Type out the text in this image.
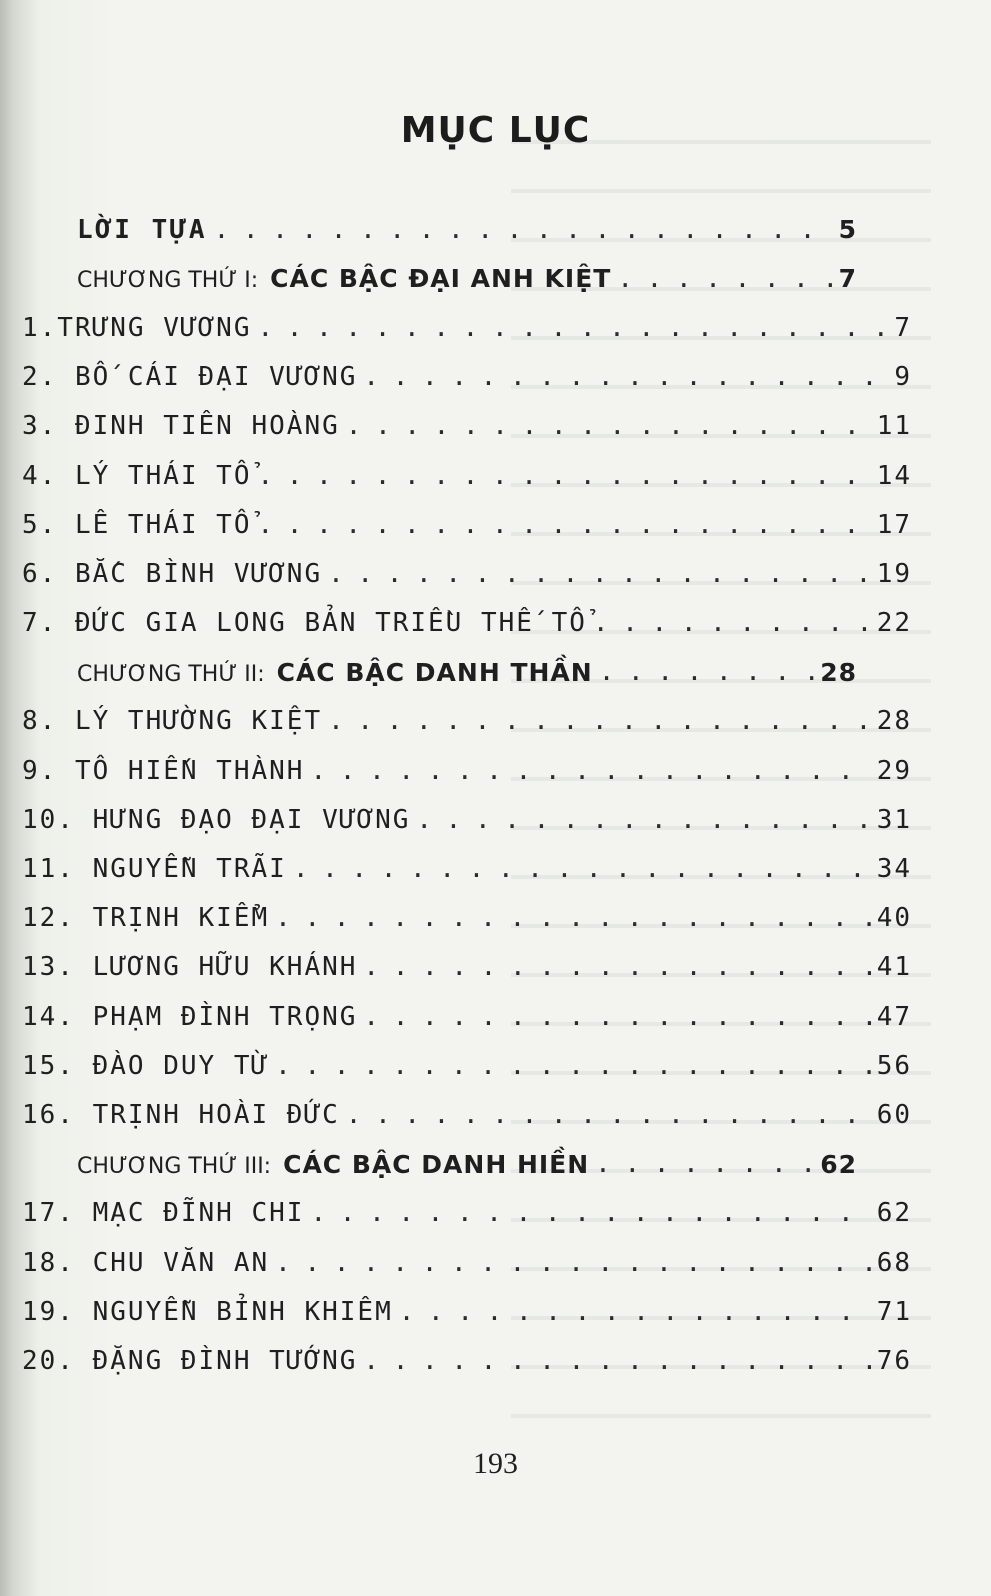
MỤC LỤC
LỜI TỰA . . .	5
CHƯƠNG THỨ I: CÁC BẬC ĐẠI ANH KIỆT . . .	7
1.TRƯNG VƯƠNG . . .	7
2. BỐ CÁI ĐẠI VƯƠNG . . .	9
3. ĐINH TIÊN HOÀNG . . .	11
4. LÝ THÁI TỔ . . .	14
5. LÊ THÁI TỔ . . .	17
6. BẮC BÌNH VƯƠNG . . .	19
7. ĐỨC GIA LONG BẢN TRIỀU THẾ TỔ . . .	22
CHƯƠNG THỨ II: CÁC BẬC DANH THẦN . . .	28
8. LÝ THƯỜNG KIỆT . . .	28
9. TÔ HIẾN THÀNH . . .	29
10. HƯNG ĐẠO ĐẠI VƯƠNG . . .	31
11. NGUYỄN TRÃI . . .	34
12. TRỊNH KIỂM . . .	40
13. LƯƠNG HỮU KHÁNH . . .	41
14. PHẠM ĐÌNH TRỌNG . . .	47
15. ĐÀO DUY TỪ . . .	56
16. TRỊNH HOÀI ĐỨC . . .	60
CHƯƠNG THỨ III: CÁC BẬC DANH HIỀN . . .	62
17. MẠC ĐĨNH CHI . . .	62
18. CHU VĂN AN . . .	68
19. NGUYỄN BỈNH KHIÊM . . .	71
20. ĐẶNG ĐÌNH TƯỚNG . . .	76
193
